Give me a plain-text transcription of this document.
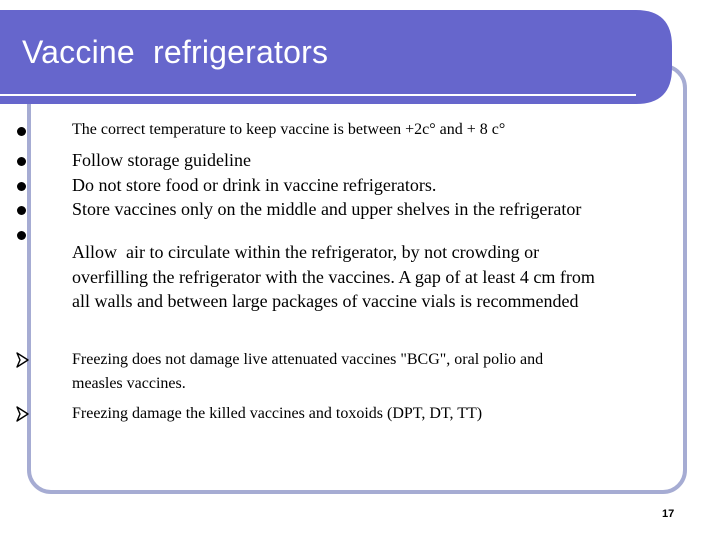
Vaccine  refrigerators
The correct temperature to keep vaccine is between +2c° and + 8 c°
Follow storage guideline
Do not store food or drink in vaccine refrigerators.
Store vaccines only on the middle and upper shelves in the refrigerator
Allow  air to circulate within the refrigerator, by not crowding or
overfilling the refrigerator with the vaccines. A gap of at least 4 cm from
all walls and between large packages of vaccine vials is recommended
Freezing does not damage live attenuated vaccines "BCG", oral polio and
measles vaccines.
Freezing damage the killed vaccines and toxoids (DPT, DT, TT)
17
